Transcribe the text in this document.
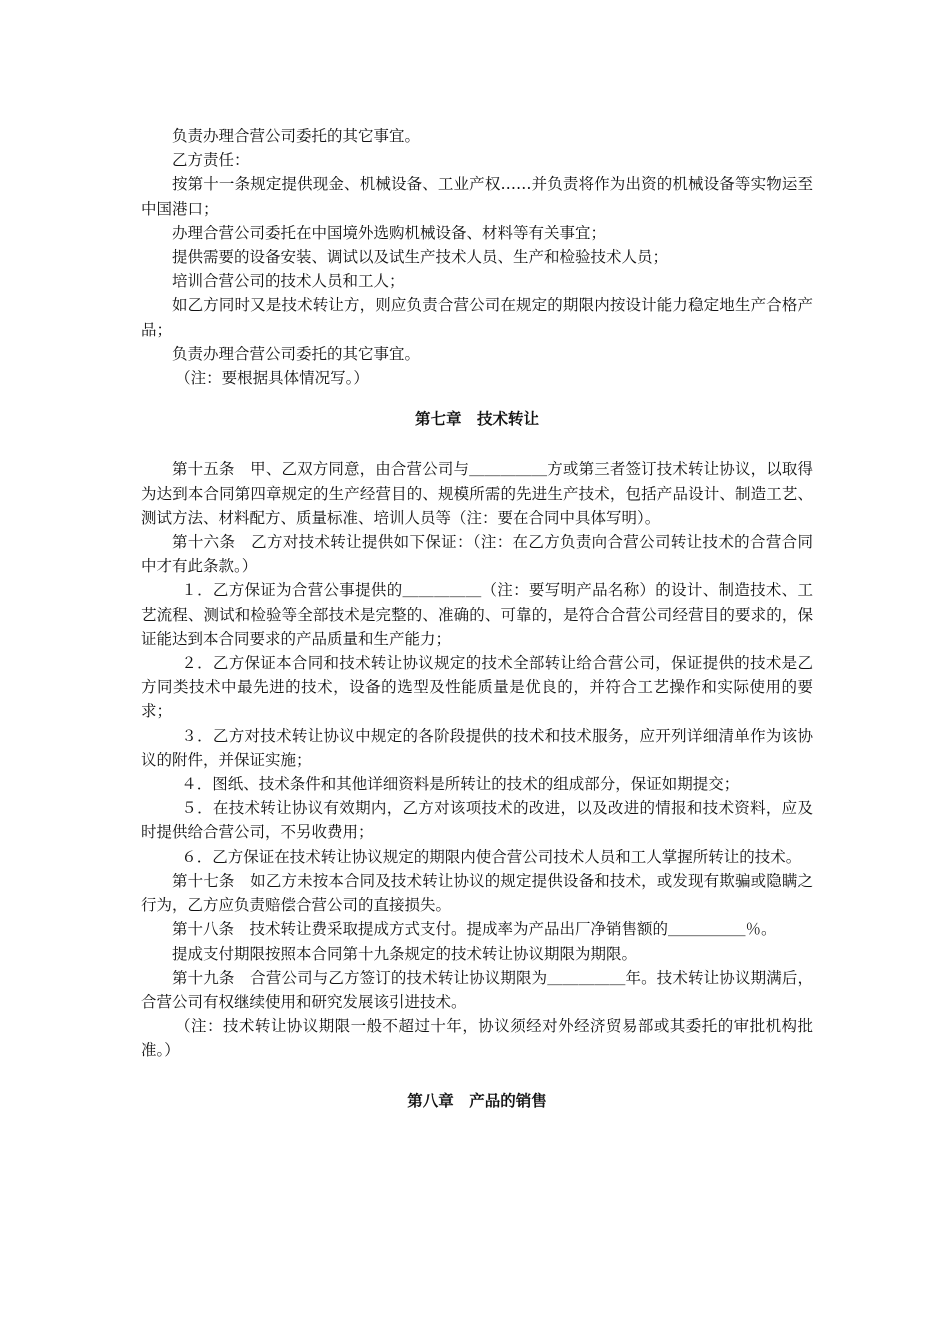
负责办理合营公司委托的其它事宜。

乙方责任：

按第十一条规定提供现金、机械设备、工业产权……并负责将作为出资的机械设备等实物运至中国港口；

办理合营公司委托在中国境外选购机械设备、材料等有关事宜；

提供需要的设备安装、调试以及试生产技术人员、生产和检验技术人员；

培训合营公司的技术人员和工人；

如乙方同时又是技术转让方，则应负责合营公司在规定的期限内按设计能力稳定地生产合格产品；

负责办理合营公司委托的其它事宜。

（注：要根据具体情况写。）

第七章　技术转让

第十五条　甲、乙双方同意，由合营公司与＿＿＿＿＿方或第三者签订技术转让协议，以取得为达到本合同第四章规定的生产经营目的、规模所需的先进生产技术，包括产品设计、制造工艺、测试方法、材料配方、质量标准、培训人员等（注：要在合同中具体写明）。

第十六条　乙方对技术转让提供如下保证：（注：在乙方负责向合营公司转让技术的合营合同中才有此条款。）

１．乙方保证为合营公事提供的＿＿＿＿＿（注：要写明产品名称）的设计、制造技术、工艺流程、测试和检验等全部技术是完整的、准确的、可靠的，是符合合营公司经营目的要求的，保证能达到本合同要求的产品质量和生产能力；

２．乙方保证本合同和技术转让协议规定的技术全部转让给合营公司，保证提供的技术是乙方同类技术中最先进的技术，设备的选型及性能质量是优良的，并符合工艺操作和实际使用的要求；

３．乙方对技术转让协议中规定的各阶段提供的技术和技术服务，应开列详细清单作为该协议的附件，并保证实施；

４．图纸、技术条件和其他详细资料是所转让的技术的组成部分，保证如期提交；

５．在技术转让协议有效期内，乙方对该项技术的改进，以及改进的情报和技术资料，应及时提供给合营公司，不另收费用；

６．乙方保证在技术转让协议规定的期限内使合营公司技术人员和工人掌握所转让的技术。

第十七条　如乙方未按本合同及技术转让协议的规定提供设备和技术，或发现有欺骗或隐瞒之行为，乙方应负责赔偿合营公司的直接损失。

第十八条　技术转让费采取提成方式支付。提成率为产品出厂净销售额的＿＿＿＿＿％。

提成支付期限按照本合同第十九条规定的技术转让协议期限为期限。

第十九条　合营公司与乙方签订的技术转让协议期限为＿＿＿＿＿年。技术转让协议期满后，合营公司有权继续使用和研究发展该引进技术。

（注：技术转让协议期限一般不超过十年，协议须经对外经济贸易部或其委托的审批机构批准。）

第八章　产品的销售
